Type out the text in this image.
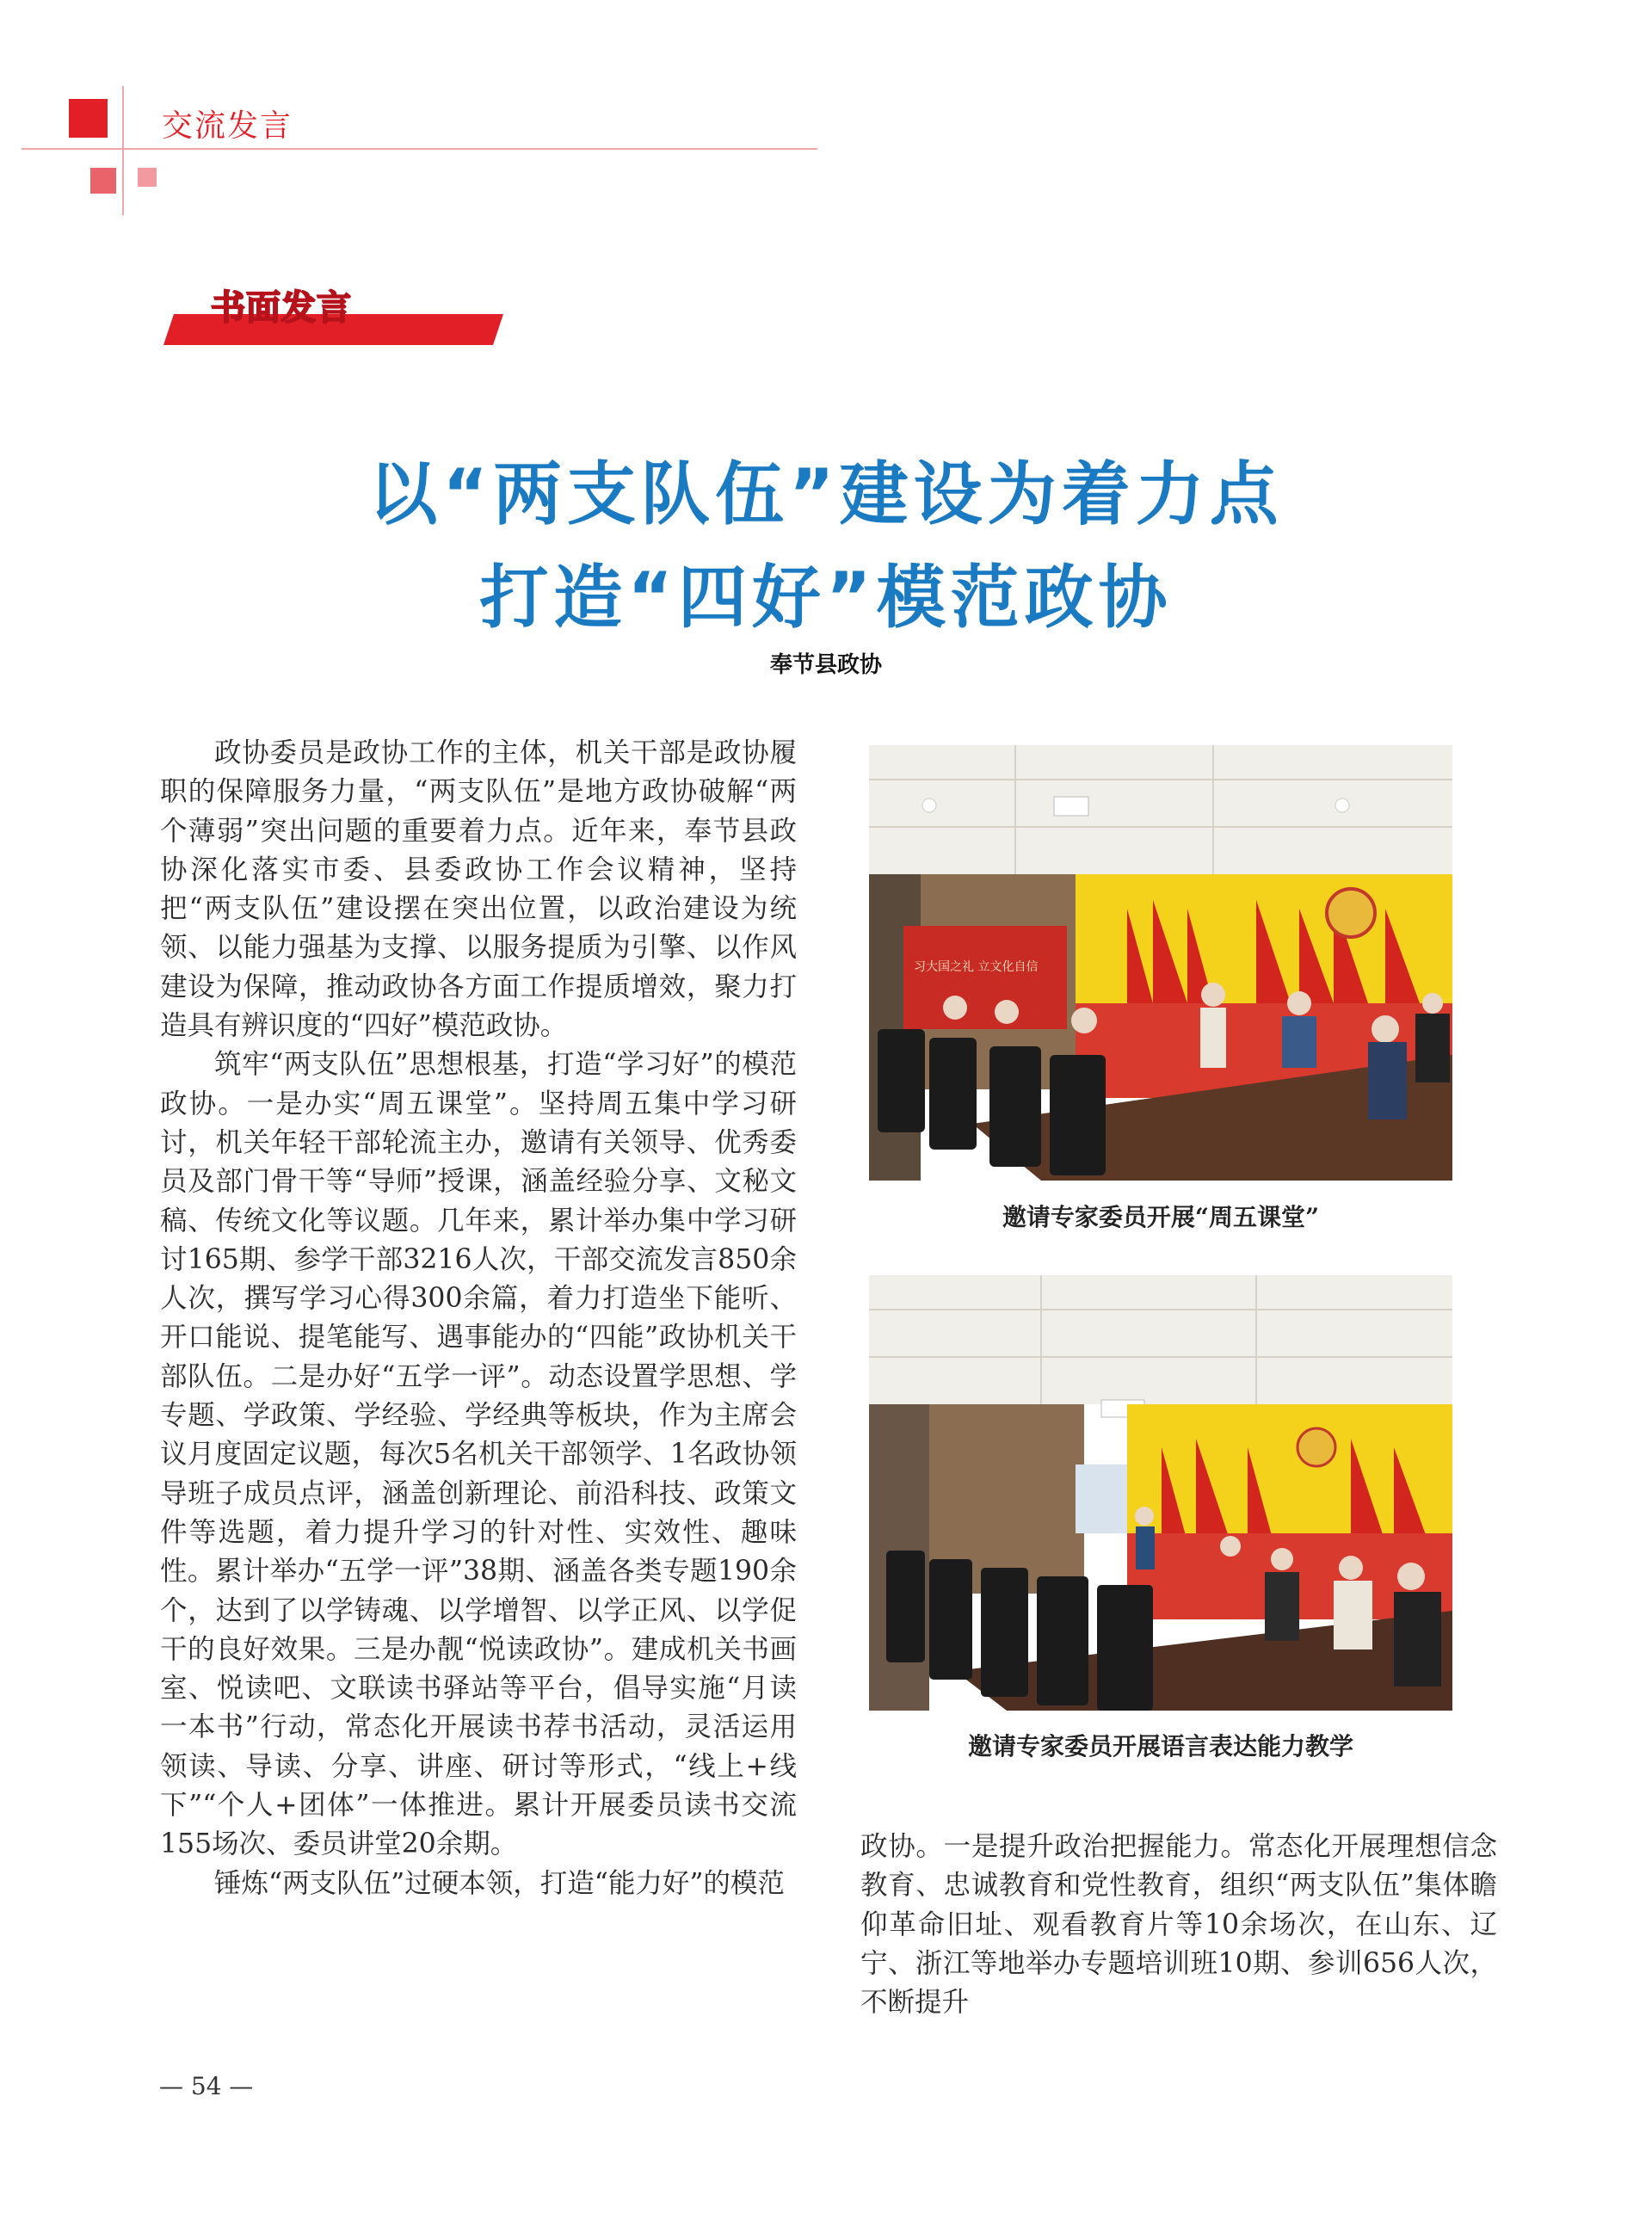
交流发言
书面发言
以“两支队伍”建设为着力点
打造“四好”模范政协
奉节县政协

政协委员是政协工作的主体，机关干部是政协履职的保障服务力量，“两支队伍”是地方政协破解“两个薄弱”突出问题的重要着力点。近年来，奉节县政协深化落实市委、县委政协工作会议精神，坚持把“两支队伍”建设摆在突出位置，以政治建设为统领、以能力强基为支撑、以服务提质为引擎、以作风建设为保障，推动政协各方面工作提质增效，聚力打造具有辨识度的“四好”模范政协。

筑牢“两支队伍”思想根基，打造“学习好”的模范政协。一是办实“周五课堂”。坚持周五集中学习研讨，机关年轻干部轮流主办，邀请有关领导、优秀委员及部门骨干等“导师”授课，涵盖经验分享、文秘文稿、传统文化等议题。几年来，累计举办集中学习研讨165期、参学干部3216人次，干部交流发言850余人次，撰写学习心得300余篇，着力打造坐下能听、开口能说、提笔能写、遇事能办的“四能”政协机关干部队伍。二是办好“五学一评”。动态设置学思想、学专题、学政策、学经验、学经典等板块，作为主席会议月度固定议题，每次5名机关干部领学、1名政协领导班子成员点评，涵盖创新理论、前沿科技、政策文件等选题，着力提升学习的针对性、实效性、趣味性。累计举办“五学一评”38期、涵盖各类专题190余个，达到了以学铸魂、以学增智、以学正风、以学促干的良好效果。三是办靓“悦读政协”。建成机关书画室、悦读吧、文联读书驿站等平台，倡导实施“月读一本书”行动，常态化开展读书荐书活动，灵活运用领读、导读、分享、讲座、研讨等形式，“线上+线下”“个人+团体”一体推进。累计开展委员读书交流155场次、委员讲堂20余期。

锤炼“两支队伍”过硬本领，打造“能力好”的模范

习大国之礼 立文化自信
邀请专家委员开展“周五课堂”
邀请专家委员开展语言表达能力教学

政协。一是提升政治把握能力。常态化开展理想信念教育、忠诚教育和党性教育，组织“两支队伍”集体瞻仰革命旧址、观看教育片等10余场次，在山东、辽宁、浙江等地举办专题培训班10期、参训656人次，不断提升

— 54 —
